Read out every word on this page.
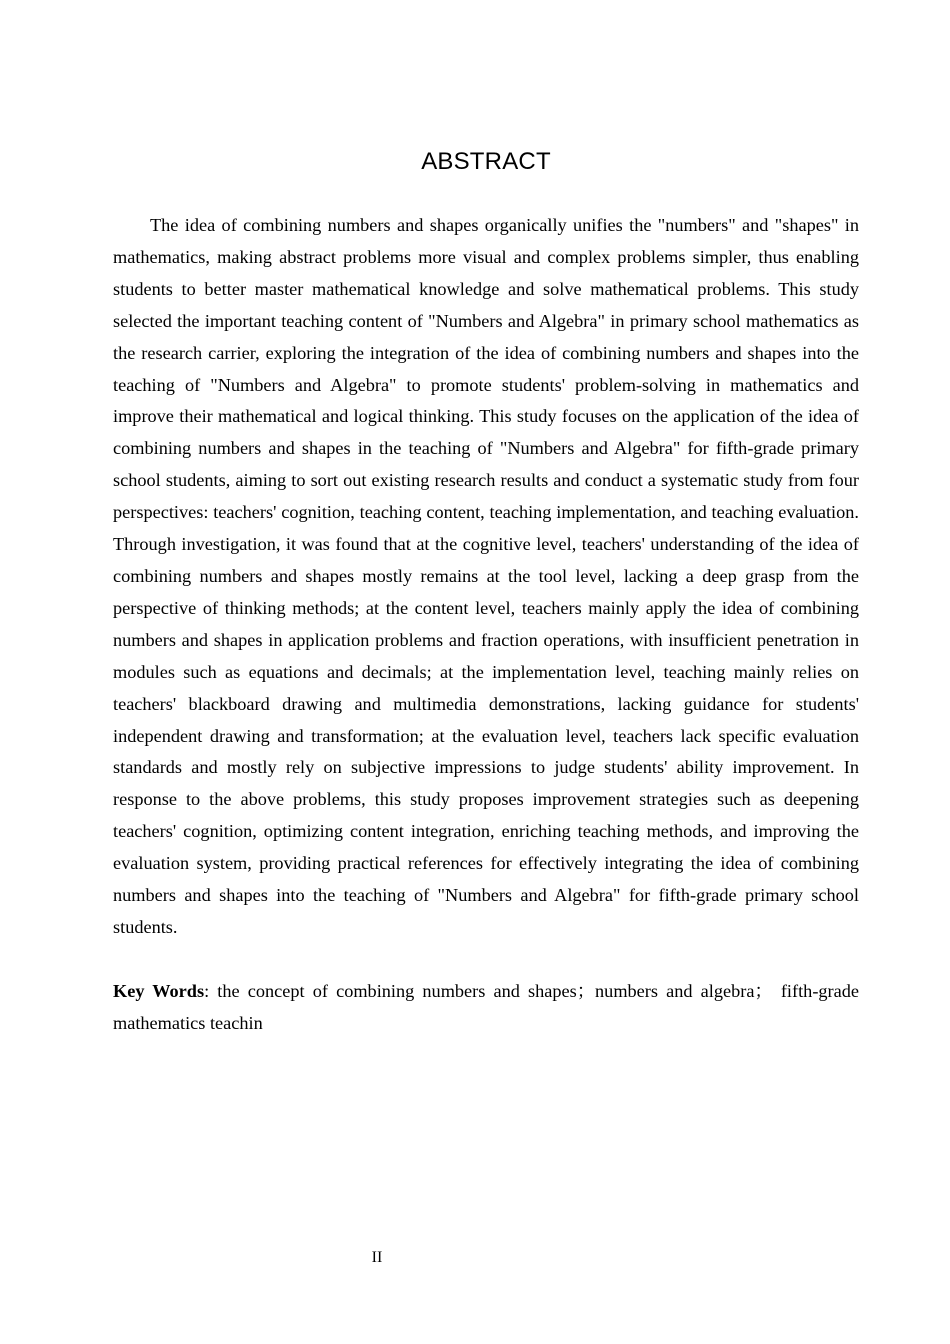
ABSTRACT

The idea of combining numbers and shapes organically unifies the "numbers" and "shapes" in mathematics, making abstract problems more visual and complex problems simpler, thus enabling students to better master mathematical knowledge and solve mathematical problems. This study selected the important teaching content of "Numbers and Algebra" in primary school mathematics as the research carrier, exploring the integration of the idea of combining numbers and shapes into the teaching of "Numbers and Algebra" to promote students' problem-solving in mathematics and improve their mathematical and logical thinking. This study focuses on the application of the idea of combining numbers and shapes in the teaching of "Numbers and Algebra" for fifth-grade primary school students, aiming to sort out existing research results and conduct a systematic study from four perspectives: teachers' cognition, teaching content, teaching implementation, and teaching evaluation. Through investigation, it was found that at the cognitive level, teachers' understanding of the idea of combining numbers and shapes mostly remains at the tool level, lacking a deep grasp from the perspective of thinking methods; at the content level, teachers mainly apply the idea of combining numbers and shapes in application problems and fraction operations, with insufficient penetration in modules such as equations and decimals; at the implementation level, teaching mainly relies on teachers' blackboard drawing and multimedia demonstrations, lacking guidance for students' independent drawing and transformation; at the evaluation level, teachers lack specific evaluation standards and mostly rely on subjective impressions to judge students' ability improvement. In response to the above problems, this study proposes improvement strategies such as deepening teachers' cognition, optimizing content integration, enriching teaching methods, and improving the evaluation system, providing practical references for effectively integrating the idea of combining numbers and shapes into the teaching of "Numbers and Algebra" for fifth-grade primary school students.

Key Words: the concept of combining numbers and shapes；numbers and algebra； fifth-grade mathematics teachin

II
